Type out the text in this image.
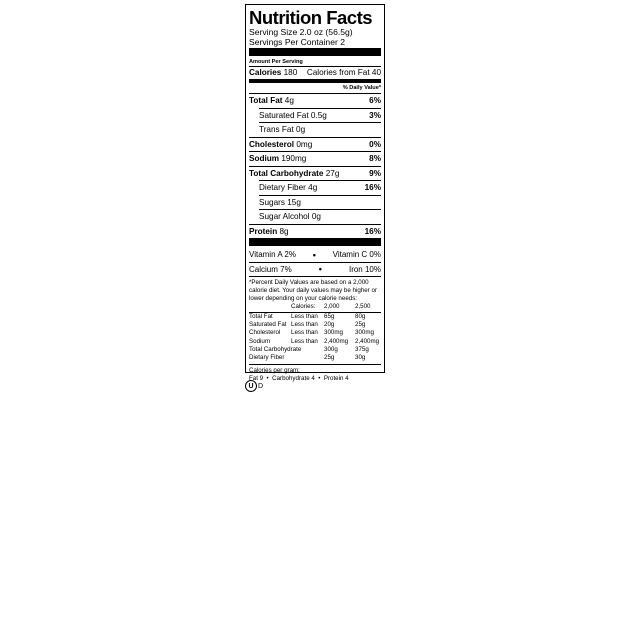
Nutrition Facts
Serving Size 2.0 oz (56.5g)
Servings Per Container 2
Amount Per Serving
Calories 180 Calories from Fat 40
% Daily Value*
Total Fat 4g	6%
Saturated Fat 0.5g	3%
Trans Fat 0g
Cholesterol 0mg	0%
Sodium 190mg	8%
Total Carbohydrate 27g	9%
Dietary Fiber 4g	16%
Sugars 15g
Sugar Alcohol 0g
Protein 8g	16%
Vitamin A 2% • Vitamin C 0%
Calcium 7%	•	Iron 10%
*Percent Daily Values are based on a 2,000 calorie diet. Your daily values may be higher or lower depending on your calorie needs:
	Calories:	2,000	2,500
Total Fat	Less than	65g	80g
Saturated Fat	Less than	20g	25g
Cholesterol	Less than	300mg	300mg
Sodium	Less than	2,400mg	2,400mg
Total Carbohydrate		300g	375g
Dietary Fiber		25g	30g
Calories per gram:
Fat 9  •  Carbohydrate 4  •  Protein 4
U D
